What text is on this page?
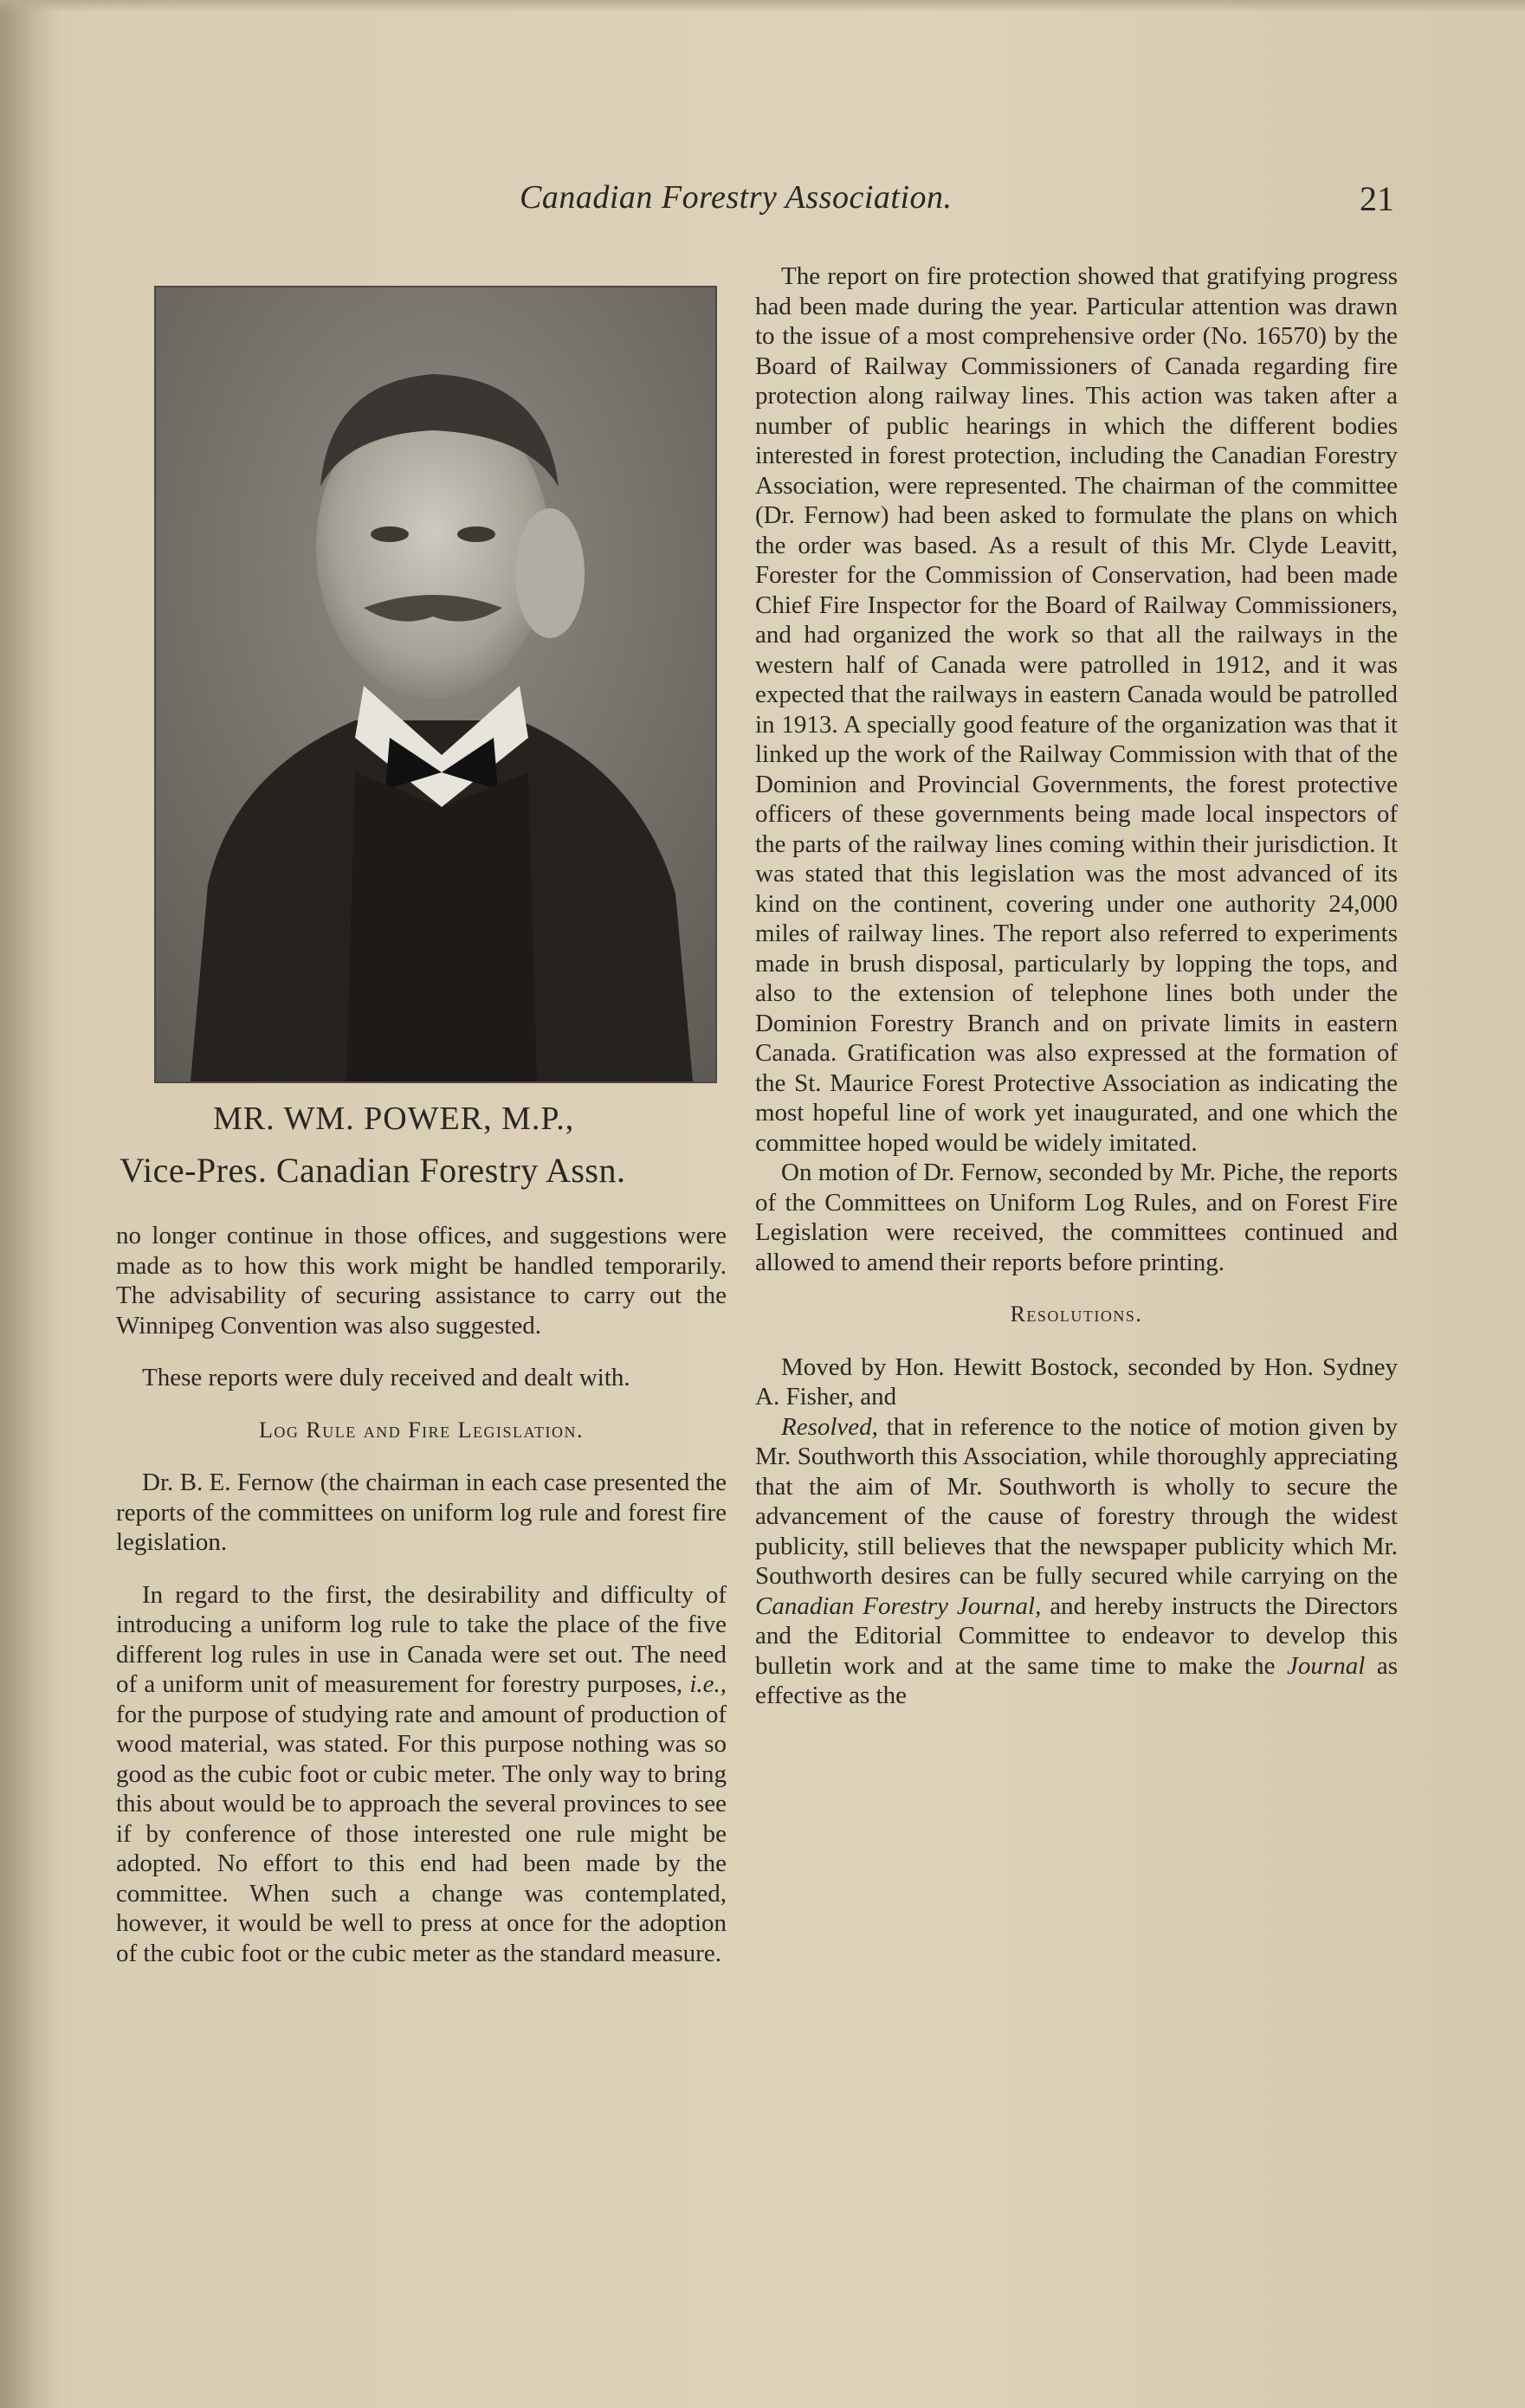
Canadian Forestry Association.	21
MR. WM. POWER, M.P.,
Vice-Pres. Canadian Forestry Assn.

no longer continue in those offices, and suggestions were made as to how this work might be handled temporarily. The advisability of securing assistance to carry out the Winnipeg Convention was also suggested.

These reports were duly received and dealt with.

Log Rule and Fire Legislation.

Dr. B. E. Fernow (the chairman in each case presented the reports of the committees on uniform log rule and forest fire legislation.

In regard to the first, the desirability and difficulty of introducing a uniform log rule to take the place of the five different log rules in use in Canada were set out. The need of a uniform unit of measurement for forestry purposes, i.e., for the purpose of studying rate and amount of production of wood material, was stated. For this purpose nothing was so good as the cubic foot or cubic meter. The only way to bring this about would be to approach the several provinces to see if by conference of those interested one rule might be adopted. No effort to this end had been made by the committee. When such a change was contemplated, however, it would be well to press at once for the adoption of the cubic foot or the cubic meter as the standard measure.

The report on fire protection showed that gratifying progress had been made during the year. Particular attention was drawn to the issue of a most comprehensive order (No. 16570) by the Board of Railway Commissioners of Canada regarding fire protection along railway lines. This action was taken after a number of public hearings in which the different bodies interested in forest protection, including the Canadian Forestry Association, were represented. The chairman of the committee (Dr. Fernow) had been asked to formulate the plans on which the order was based. As a result of this Mr. Clyde Leavitt, Forester for the Commission of Conservation, had been made Chief Fire Inspector for the Board of Railway Commissioners, and had organized the work so that all the railways in the western half of Canada were patrolled in 1912, and it was expected that the railways in eastern Canada would be patrolled in 1913. A specially good feature of the organization was that it linked up the work of the Railway Commission with that of the Dominion and Provincial Governments, the forest protective officers of these governments being made local inspectors of the parts of the railway lines coming within their jurisdiction. It was stated that this legislation was the most advanced of its kind on the continent, covering under one authority 24,000 miles of railway lines. The report also referred to experiments made in brush disposal, particularly by lopping the tops, and also to the extension of telephone lines both under the Dominion Forestry Branch and on private limits in eastern Canada. Gratification was also expressed at the formation of the St. Maurice Forest Protective Association as indicating the most hopeful line of work yet inaugurated, and one which the committee hoped would be widely imitated.

On motion of Dr. Fernow, seconded by Mr. Piche, the reports of the Committees on Uniform Log Rules, and on Forest Fire Legislation were received, the committees continued and allowed to amend their reports before printing.

Resolutions.

Moved by Hon. Hewitt Bostock, seconded by Hon. Sydney A. Fisher, and

Resolved, that in reference to the notice of motion given by Mr. Southworth this Association, while thoroughly appreciating that the aim of Mr. Southworth is wholly to secure the advancement of the cause of forestry through the widest publicity, still believes that the newspaper publicity which Mr. Southworth desires can be fully secured while carrying on the Canadian Forestry Journal, and hereby instructs the Directors and the Editorial Committee to endeavor to develop this bulletin work and at the same time to make the Journal as effective as the
